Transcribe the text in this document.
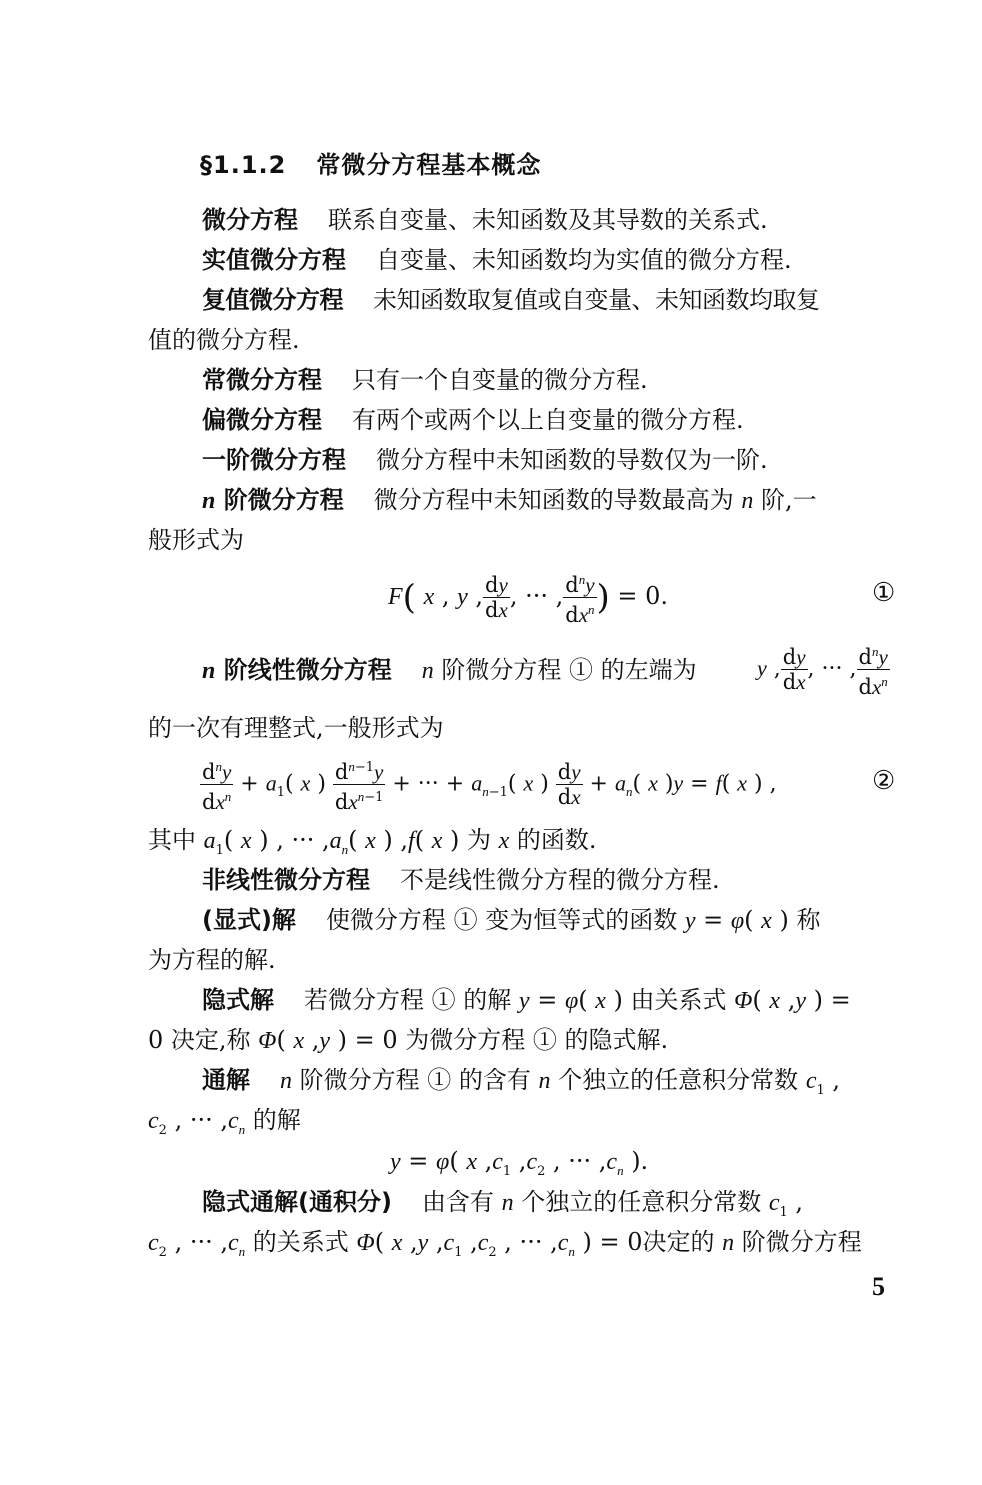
§1.1.2 常微分方程基本概念
微分方程 联系自变量、未知函数及其导数的关系式.
实值微分方程 自变量、未知函数均为实值的微分方程.
复值微分方程 未知函数取复值或自变量、未知函数均取复
值的微分方程.
常微分方程 只有一个自变量的微分方程.
偏微分方程 有两个或两个以上自变量的微分方程.
一阶微分方程 微分方程中未知函数的导数仅为一阶.
n 阶微分方程 微分方程中未知函数的导数最高为 n 阶,一
般形式为
F( x , y , $\frac{dy}{dx}$ , ··· , $\frac{d^ny}{dx^n}$ ) = 0.	①
n 阶线性微分方程 n 阶微分方程 ① 的左端为	y , $\frac{dy}{dx}$ , ··· , $\frac{d^ny}{dx^n}$
的一次有理整式,一般形式为
$\frac{d^ny}{dx^n} + a_1$( x ) $\frac{d^{n-1}y}{dx^{n-1}}$ + ··· + $a_{n-1}$( x ) $\frac{dy}{dx} + a_n$( x )y = f( x ) ,	②
其中 $a_1$( x ) , ··· $,a_n$( x ) ,f( x ) 为 x 的函数.
非线性微分方程 不是线性微分方程的微分方程.
(显式)解 使微分方程 ① 变为恒等式的函数 y = φ( x ) 称
为方程的解.
隐式解 若微分方程 ① 的解 y = φ( x ) 由关系式 Φ( x ,y ) =
0 决定,称 Φ( x ,y ) = 0 为微分方程 ① 的隐式解.
通解 n 阶微分方程 ① 的含有 n 个独立的任意积分常数 $c_1$ ,
$c_2$ , ··· $,c_n$ 的解
y = φ( x $,c_1$ $,c_2$ , ··· $,c_n$ ).
隐式通解(通积分) 由含有 n 个独立的任意积分常数 $c_1$ ,
$c_2$ , ··· $,c_n$ 的关系式 Φ( x ,y $,c_1$ $,c_2$ , ··· $,c_n$ ) = 0决定的 n 阶微分方程
5
